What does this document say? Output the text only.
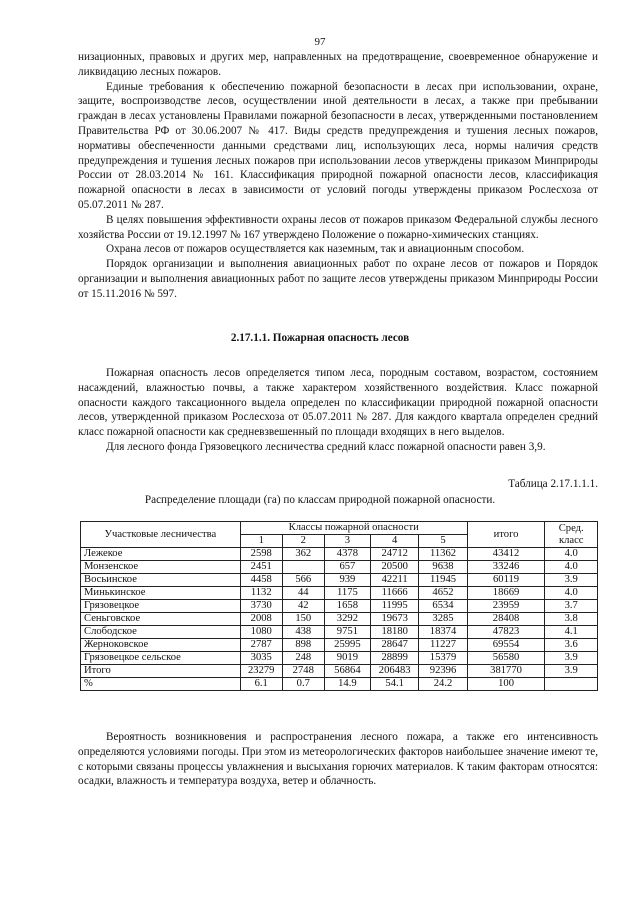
97

низационных, правовых и других мер, направленных на предотвращение, своевременное обнаружение и ликвидацию лесных пожаров.

Единые требования к обеспечению пожарной безопасности в лесах при использовании, охране, защите, воспроизводстве лесов, осуществлении иной деятельности в лесах, а также при пребывании граждан в лесах установлены Правилами пожарной безопасности в лесах, утвержденными постановлением Правительства РФ от 30.06.2007 № 417. Виды средств предупреждения и тушения лесных пожаров, нормативы обеспеченности данными средствами лиц, использующих леса, нормы наличия средств предупреждения и тушения лесных пожаров при использовании лесов утверждены приказом Минприроды России от 28.03.2014 № 161. Классификация природной пожарной опасности лесов, классификация пожарной опасности в лесах в зависимости от условий погоды утверждены приказом Рослесхоза от 05.07.2011 № 287.

В целях повышения эффективности охраны лесов от пожаров приказом Федеральной службы лесного хозяйства России от 19.12.1997 № 167 утверждено Положение о пожарно-химических станциях.

Охрана лесов от пожаров осуществляется как наземным, так и авиационным способом.

Порядок организации и выполнения авиационных работ по охране лесов от пожаров и Порядок организации и выполнения авиационных работ по защите лесов утверждены приказом Минприроды России от 15.11.2016 № 597.

2.17.1.1. Пожарная опасность лесов

Пожарная опасность лесов определяется типом леса, породным составом, возрастом, состоянием насаждений, влажностью почвы, а также характером хозяйственного воздействия. Класс пожарной опасности каждого таксационного выдела определен по классификации природной пожарной опасности лесов, утвержденной приказом Рослесхоза от 05.07.2011 № 287. Для каждого квартала определен средний класс пожарной опасности как средневзвешенный по площади входящих в него выделов.

Для лесного фонда Грязовецкого лесничества средний класс пожарной опасности равен 3,9.

Таблица 2.17.1.1.1.
Распределение площади (га) по классам природной пожарной опасности.
Участковые лесничества	Классы пожарной опасности					итого	Сред. класс
	1	2	3	4	5		
Лежекое	2598	362	4378	24712	11362	43412	4.0
Монзенское	2451		657	20500	9638	33246	4.0
Восьинское	4458	566	939	42211	11945	60119	3.9
Минькинское	1132	44	1175	11666	4652	18669	4.0
Грязовецкое	3730	42	1658	11995	6534	23959	3.7
Сеньговское	2008	150	3292	19673	3285	28408	3.8
Слободское	1080	438	9751	18180	18374	47823	4.1
Жерноковское	2787	898	25995	28647	11227	69554	3.6
Грязовецкое сельское	3035	248	9019	28899	15379	56580	3.9
Итого	23279	2748	56864	206483	92396	381770	3.9
%	6.1	0.7	14.9	54.1	24.2	100	

Вероятность возникновения и распространения лесного пожара, а также его интенсивность определяются условиями погоды. При этом из метеорологических факторов наибольшее значение имеют те, с которыми связаны процессы увлажнения и высыхания горючих материалов. К таким факторам относятся: осадки, влажность и температура воздуха, ветер и облачность.
